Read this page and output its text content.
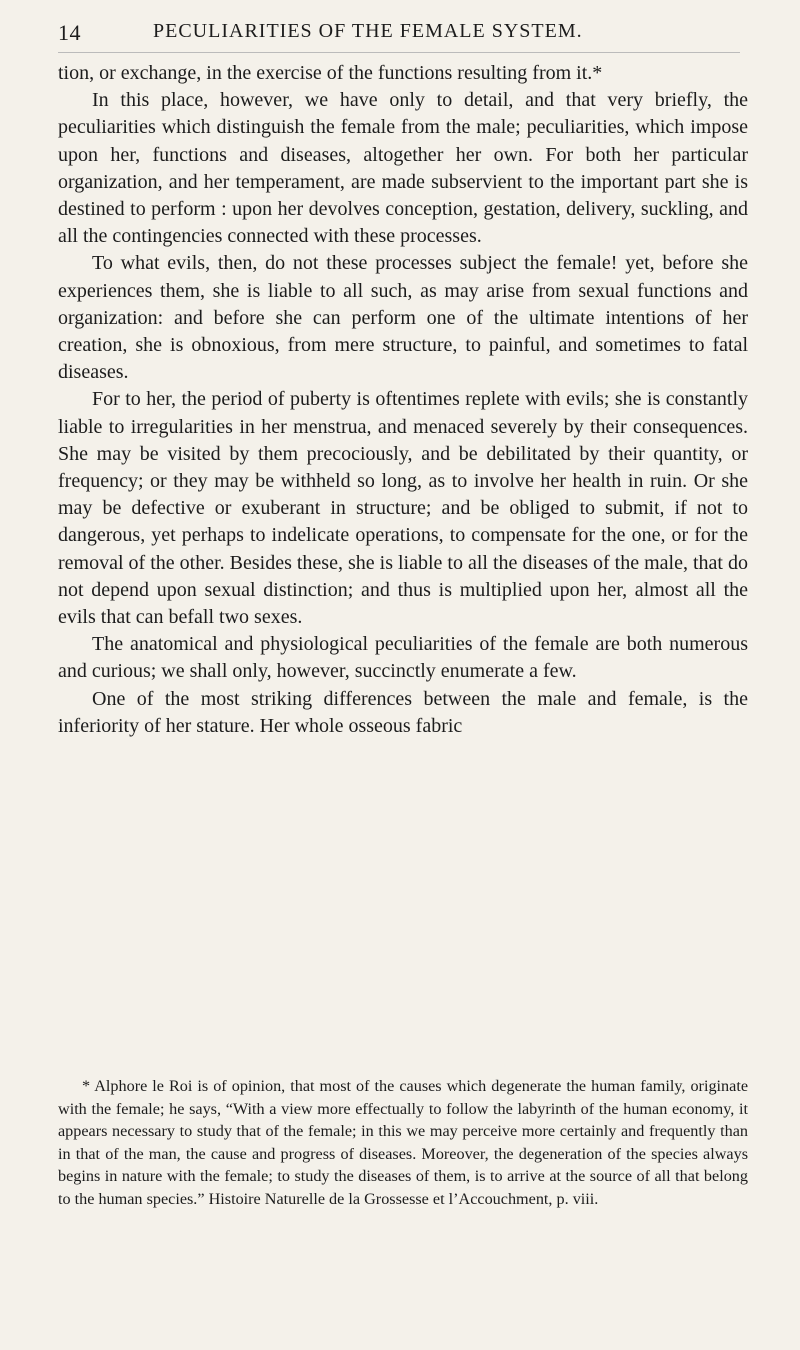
14	PECULIARITIES OF THE FEMALE SYSTEM.

tion, or exchange, in the exercise of the functions resulting from it.*

In this place, however, we have only to detail, and that very briefly, the peculiarities which distinguish the female from the male; peculiarities, which impose upon her, functions and diseases, altogether her own. For both her particular organization, and her temperament, are made subservient to the important part she is destined to perform : upon her devolves conception, gestation, delivery, suckling, and all the contingencies connected with these processes.

To what evils, then, do not these processes subject the female! yet, before she experiences them, she is liable to all such, as may arise from sexual functions and organization: and before she can perform one of the ultimate intentions of her creation, she is obnoxious, from mere structure, to painful, and sometimes to fatal diseases.

For to her, the period of puberty is oftentimes replete with evils; she is constantly liable to irregularities in her menstrua, and menaced severely by their consequences. She may be visited by them precociously, and be debilitated by their quantity, or frequency; or they may be withheld so long, as to involve her health in ruin. Or she may be defective or exuberant in structure; and be obliged to submit, if not to dangerous, yet perhaps to indelicate operations, to compensate for the one, or for the removal of the other. Besides these, she is liable to all the diseases of the male, that do not depend upon sexual distinction; and thus is multiplied upon her, almost all the evils that can befall two sexes.

The anatomical and physiological peculiarities of the female are both numerous and curious; we shall only, however, succinctly enumerate a few.

One of the most striking differences between the male and female, is the inferiority of her stature. Her whole osseous fabric

* Alphore le Roi is of opinion, that most of the causes which degenerate the human family, originate with the female; he says, “With a view more effectually to follow the labyrinth of the human economy, it appears necessary to study that of the female; in this we may perceive more certainly and frequently than in that of the man, the cause and progress of diseases. Moreover, the degeneration of the species always begins in nature with the female; to study the diseases of them, is to arrive at the source of all that belong to the human species.” Histoire Naturelle de la Grossesse et l’Accouchment, p. viii.
